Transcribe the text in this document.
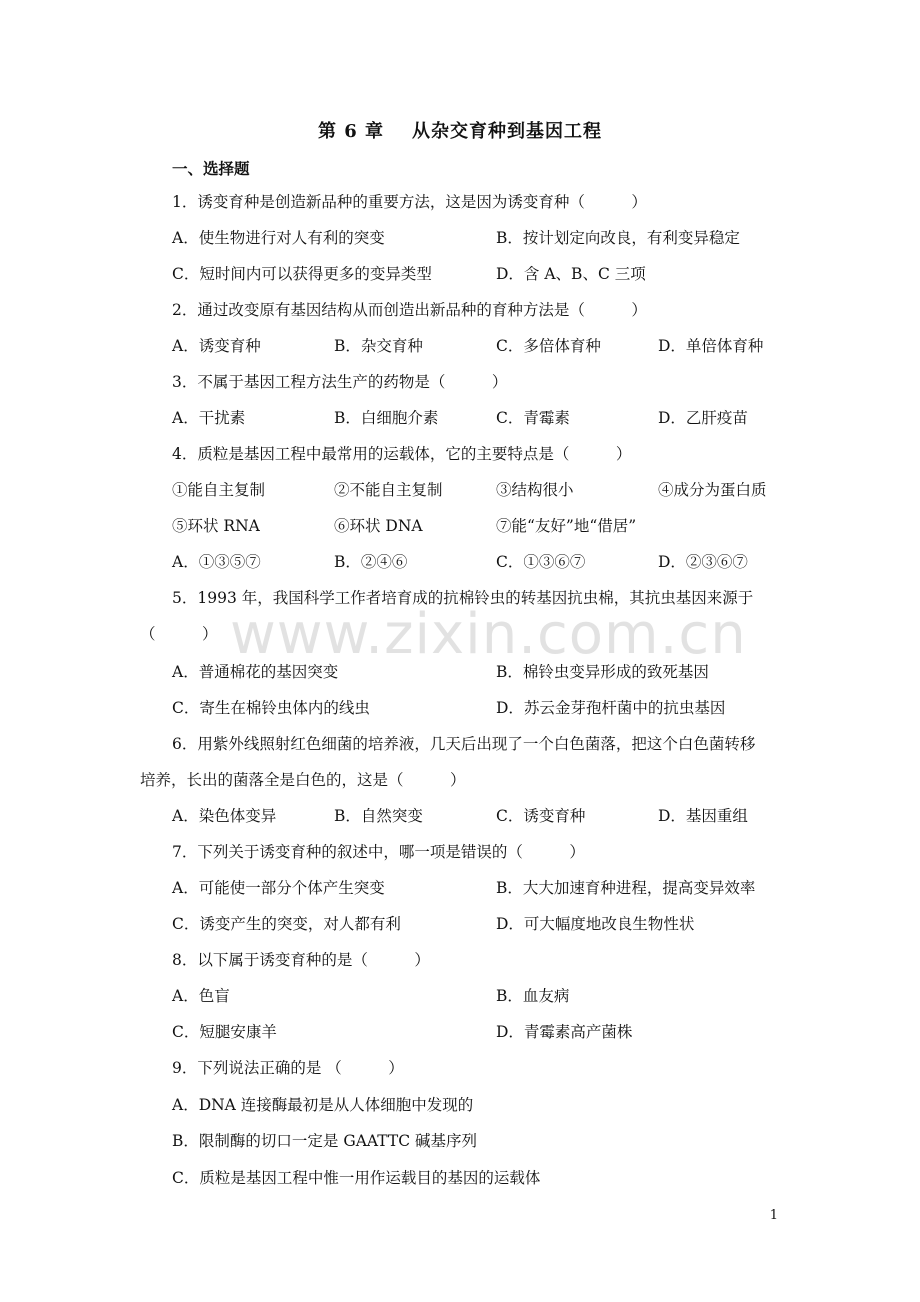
www.zixin.com.cn
第 6 章 从杂交育种到基因工程
一、选择题
1．诱变育种是创造新品种的重要方法，这是因为诱变育种（　　　）
A．使生物进行对人有利的突变	B．按计划定向改良，有利变异稳定
C．短时间内可以获得更多的变异类型	D．含 A、B、C 三项
2．通过改变原有基因结构从而创造出新品种的育种方法是（　　　）
A．诱变育种	B．杂交育种	C．多倍体育种	D．单倍体育种
3．不属于基因工程方法生产的药物是（　　　）
A．干扰素	B．白细胞介素	C．青霉素	D．乙肝疫苗
4．质粒是基因工程中最常用的运载体，它的主要特点是（　　　）
①能自主复制	②不能自主复制	③结构很小	④成分为蛋白质
⑤环状 RNA	⑥环状 DNA	⑦能“友好”地“借居”
A．①③⑤⑦	B．②④⑥	C．①③⑥⑦	D．②③⑥⑦
5．1993 年，我国科学工作者培育成的抗棉铃虫的转基因抗虫棉，其抗虫基因来源于
（　　　）
A．普通棉花的基因突变	B．棉铃虫变异形成的致死基因
C．寄生在棉铃虫体内的线虫	D．苏云金芽孢杆菌中的抗虫基因
6．用紫外线照射红色细菌的培养液，几天后出现了一个白色菌落，把这个白色菌转移
培养，长出的菌落全是白色的，这是（　　　）
A．染色体变异	B．自然突变	C．诱变育种	D．基因重组
7．下列关于诱变育种的叙述中，哪一项是错误的（　　　）
A．可能使一部分个体产生突变	B．大大加速育种进程，提高变异效率
C．诱变产生的突变，对人都有利	D．可大幅度地改良生物性状
8．以下属于诱变育种的是（　　　）
A．色盲	B．血友病
C．短腿安康羊	D．青霉素高产菌株
9．下列说法正确的是 （　　　）
A．DNA 连接酶最初是从人体细胞中发现的
B．限制酶的切口一定是 GAATTC 碱基序列
C．质粒是基因工程中惟一用作运载目的基因的运载体
1
